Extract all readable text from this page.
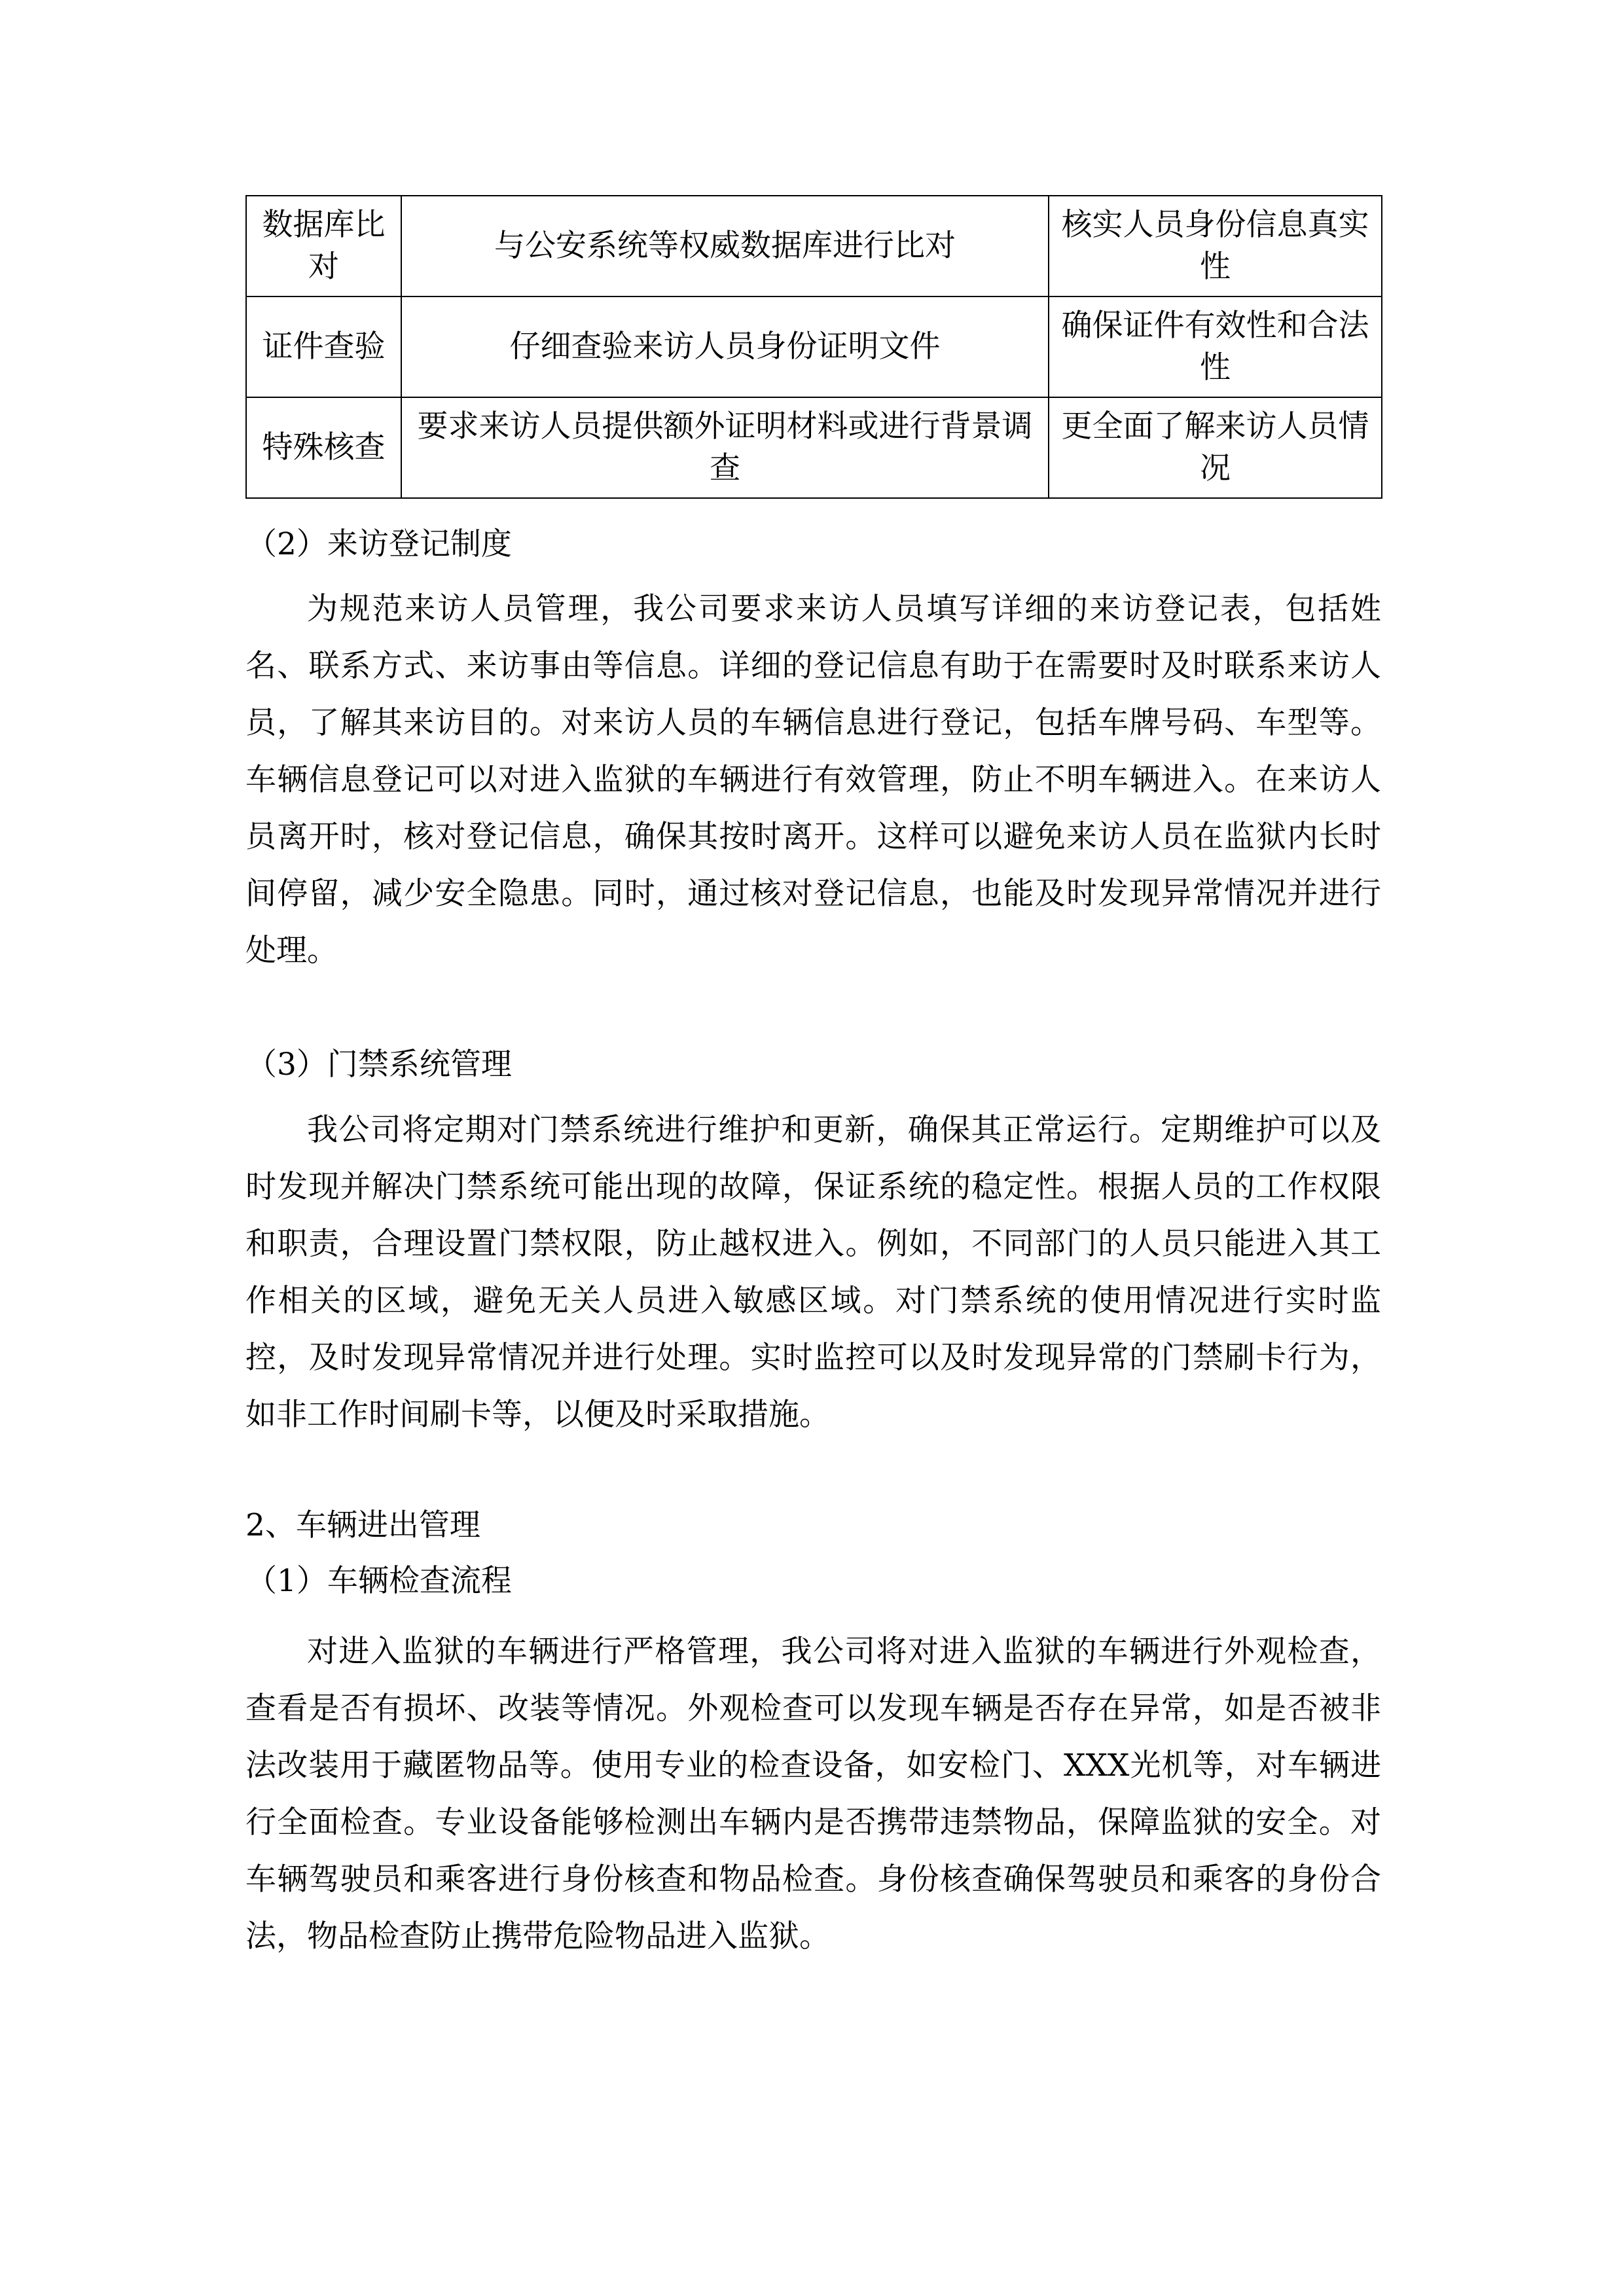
数据库比对	与公安系统等权威数据库进行比对	核实人员身份信息真实性
证件查验	仔细查验来访人员身份证明文件	确保证件有效性和合法性
特殊核查	要求来访人员提供额外证明材料或进行背景调查	更全面了解来访人员情况
（2）来访登记制度

为规范来访人员管理，我公司要求来访人员填写详细的来访登记表，包括姓名、联系方式、来访事由等信息。详细的登记信息有助于在需要时及时联系来访人员，了解其来访目的。对来访人员的车辆信息进行登记，包括车牌号码、车型等。车辆信息登记可以对进入监狱的车辆进行有效管理，防止不明车辆进入。在来访人员离开时，核对登记信息，确保其按时离开。这样可以避免来访人员在监狱内长时间停留，减少安全隐患。同时，通过核对登记信息，也能及时发现异常情况并进行处理。

（3）门禁系统管理

我公司将定期对门禁系统进行维护和更新，确保其正常运行。定期维护可以及时发现并解决门禁系统可能出现的故障，保证系统的稳定性。根据人员的工作权限和职责，合理设置门禁权限，防止越权进入。例如，不同部门的人员只能进入其工作相关的区域，避免无关人员进入敏感区域。对门禁系统的使用情况进行实时监控，及时发现异常情况并进行处理。实时监控可以及时发现异常的门禁刷卡行为，如非工作时间刷卡等，以便及时采取措施。

2、车辆进出管理
（1）车辆检查流程

对进入监狱的车辆进行严格管理，我公司将对进入监狱的车辆进行外观检查，查看是否有损坏、改装等情况。外观检查可以发现车辆是否存在异常，如是否被非法改装用于藏匿物品等。使用专业的检查设备，如安检门、XXX光机等，对车辆进行全面检查。专业设备能够检测出车辆内是否携带违禁物品，保障监狱的安全。对车辆驾驶员和乘客进行身份核查和物品检查。身份核查确保驾驶员和乘客的身份合法，物品检查防止携带危险物品进入监狱。
